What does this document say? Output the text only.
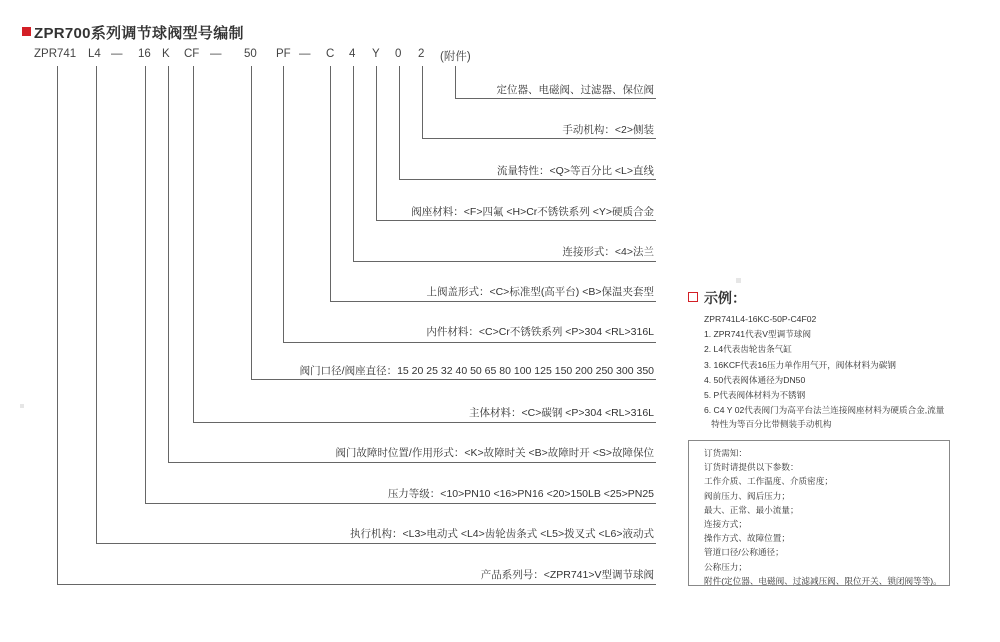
ZPR700系列调节球阀型号编制
ZPR741 L4 — 16 K CF — 50 PF — C 4 Y 0 2 (附件)
定位器、电磁阀、过滤器、保位阀
手动机构：<2>侧装
流量特性：<Q>等百分比 <L>直线
阀座材料：<F>四氟 <H>Cr不锈铁系列 <Y>硬质合金
连接形式：<4>法兰
上阀盖形式：<C>标准型(高平台) <B>保温夹套型
内件材料：<C>Cr不锈铁系列 <P>304 <RL>316L
阀门口径/阀座直径：15 20 25 32 40 50 65 80 100 125 150 200 250 300 350
主体材料：<C>碳钢 <P>304 <RL>316L
阀门故障时位置/作用形式：<K>故障时关 <B>故障时开 <S>故障保位
压力等级：<10>PN10 <16>PN16 <20>150LB <25>PN25
执行机构：<L3>电动式 <L4>齿轮齿条式 <L5>拨叉式 <L6>液动式
产品系列号：<ZPR741>V型调节球阀
示例：
ZPR741L4-16KC-50P-C4F02
1. ZPR741代表V型调节球阀
2. L4代表齿轮齿条气缸
3. 16KCF代表16压力单作用气开，阀体材料为碳钢
4. 50代表阀体通径为DN50
5. P代表阀体材料为不锈钢
6. C4 Y 02代表阀门为高平台法兰连接阀座材料为硬质合金,流量
特性为等百分比带侧装手动机构
订货需知：
订货时请提供以下参数：
工作介质、工作温度、介质密度；
阀前压力、阀后压力；
最大、正常、最小流量；
连接方式；
操作方式、故障位置；
管道口径/公称通径；
公称压力；
附件(定位器、电磁阀、过滤减压阀、限位开关、锁闭阀等等)。
